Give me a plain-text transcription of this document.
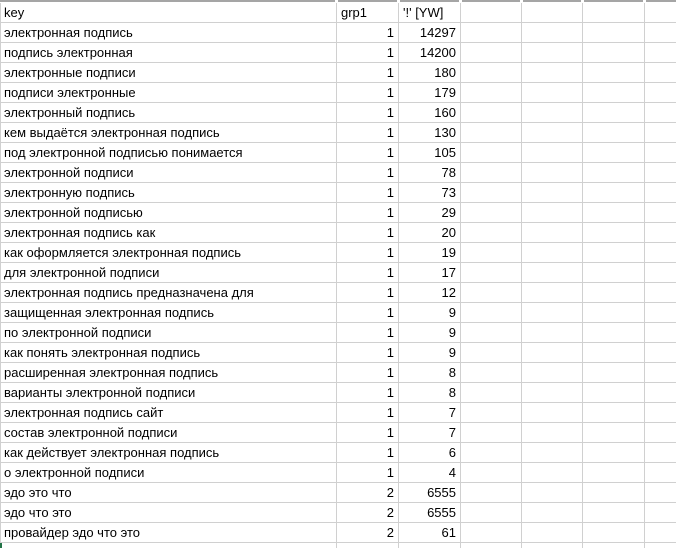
key	grp1	'!' [YW]
электронная подпись	1	14297
подпись электронная	1	14200
электронные подписи	1	180
подписи электронные	1	179
электронный подпись	1	160
кем выдаётся электронная подпись	1	130
под электронной подписью понимается	1	105
электронной подписи	1	78
электронную подпись	1	73
электронной подписью	1	29
электронная подпись как	1	20
как оформляется электронная подпись	1	19
для электронной подписи	1	17
электронная подпись предназначена для	1	12
защищенная электронная подпись	1	9
по электронной подписи	1	9
как понять электронная подпись	1	9
расширенная электронная подпись	1	8
варианты электронной подписи	1	8
электронная подпись сайт	1	7
состав электронной подписи	1	7
как действует электронная подпись	1	6
о электронной подписи	1	4
эдо это что	2	6555
эдо что это	2	6555
провайдер эдо что это	2	61
